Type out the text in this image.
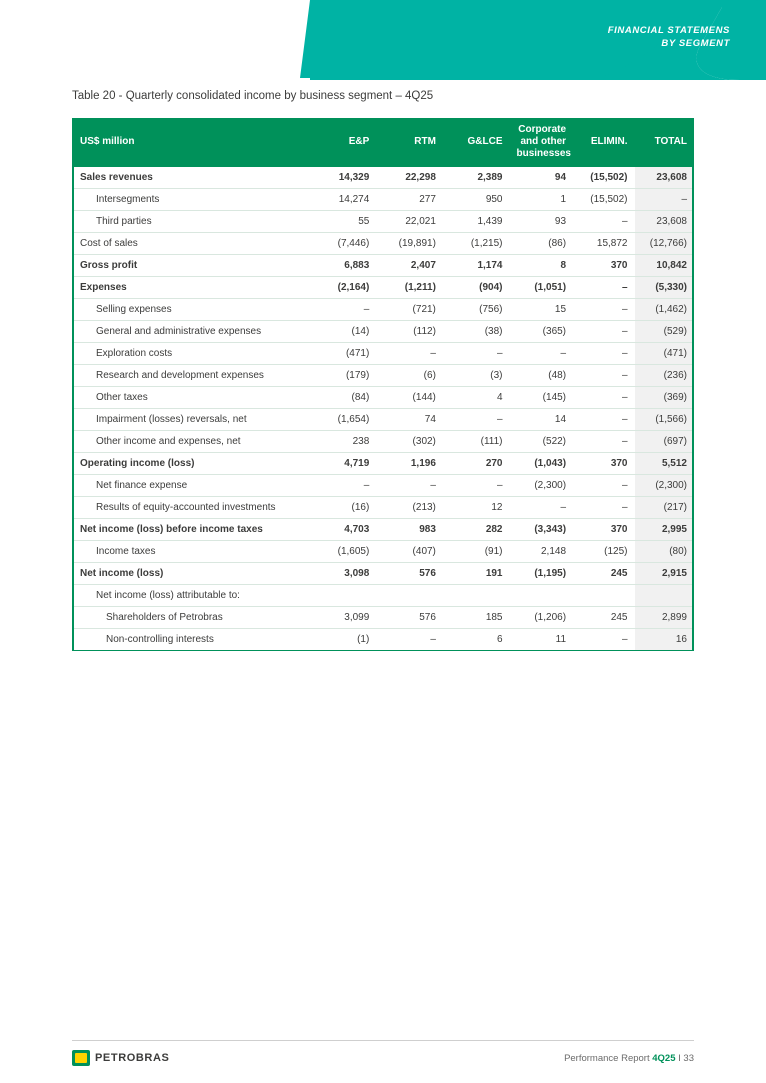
FINANCIAL STATEMENS
BY SEGMENT
Table 20 - Quarterly consolidated income by business segment – 4Q25
US$ million	E&P	RTM	G&LCE	Corporate and other businesses	ELIMIN.	TOTAL
Sales revenues	14,329	22,298	2,389	94	(15,502)	23,608
Intersegments	14,274	277	950	1	(15,502)	–
Third parties	55	22,021	1,439	93	–	23,608
Cost of sales	(7,446)	(19,891)	(1,215)	(86)	15,872	(12,766)
Gross profit	6,883	2,407	1,174	8	370	10,842
Expenses	(2,164)	(1,211)	(904)	(1,051)	–	(5,330)
Selling expenses	–	(721)	(756)	15	–	(1,462)
General and administrative expenses	(14)	(112)	(38)	(365)	–	(529)
Exploration costs	(471)	–	–	–	–	(471)
Research and development expenses	(179)	(6)	(3)	(48)	–	(236)
Other taxes	(84)	(144)	4	(145)	–	(369)
Impairment (losses) reversals, net	(1,654)	74	–	14	–	(1,566)
Other income and expenses, net	238	(302)	(111)	(522)	–	(697)
Operating income (loss)	4,719	1,196	270	(1,043)	370	5,512
Net finance expense	–	–	–	(2,300)	–	(2,300)
Results of equity-accounted investments	(16)	(213)	12	–	–	(217)
Net income (loss) before income taxes	4,703	983	282	(3,343)	370	2,995
Income taxes	(1,605)	(407)	(91)	2,148	(125)	(80)
Net income (loss)	3,098	576	191	(1,195)	245	2,915
Net income (loss) attributable to:						
Shareholders of Petrobras	3,099	576	185	(1,206)	245	2,899
Non-controlling interests	(1)	–	6	11	–	16
PETROBRAS	Performance Report 4Q25 I 33
